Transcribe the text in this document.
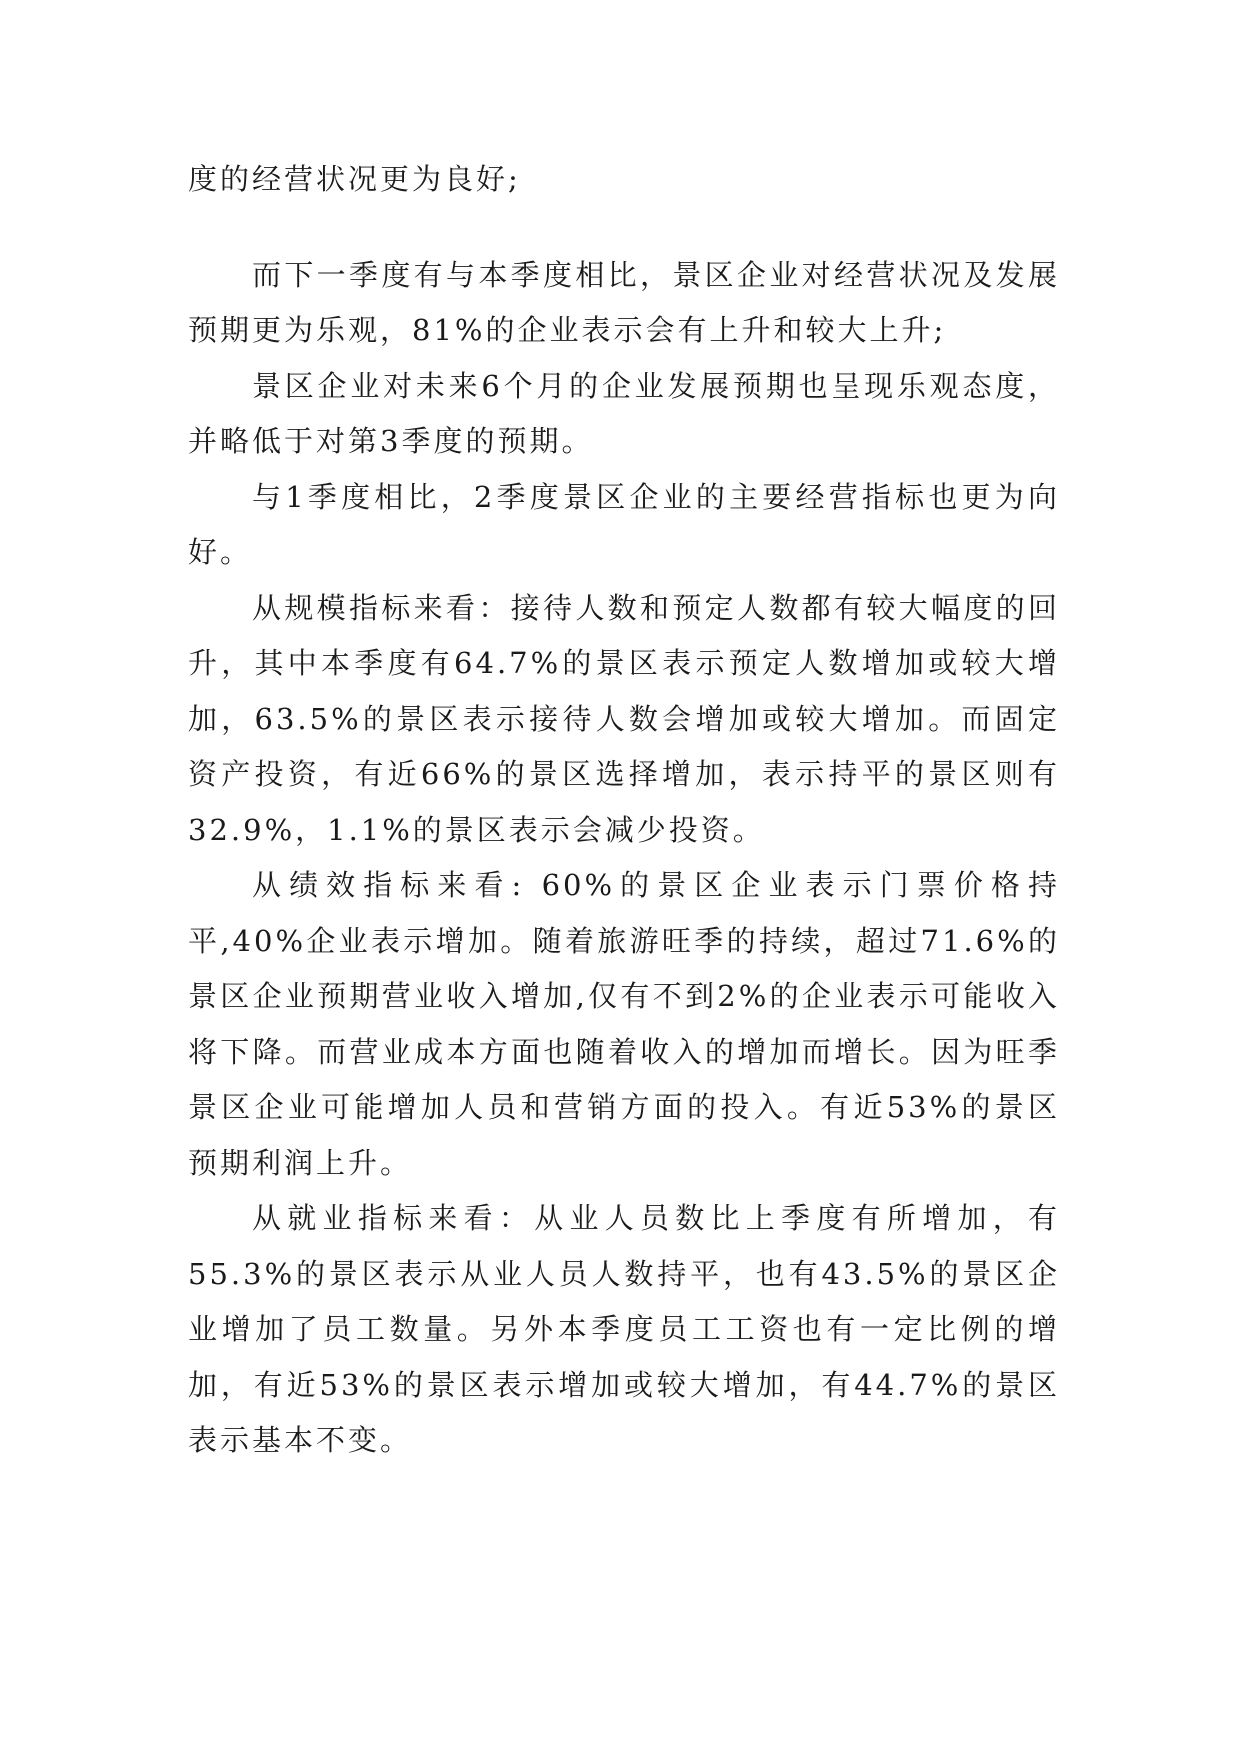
度的经营状况更为良好;

而下一季度有与本季度相比，景区企业对经营状况及发展预期更为乐观，81%的企业表示会有上升和较大上升;

景区企业对未来6个月的企业发展预期也呈现乐观态度，并略低于对第3季度的预期。

与1季度相比，2季度景区企业的主要经营指标也更为向好。

从规模指标来看：接待人数和预定人数都有较大幅度的回升，其中本季度有64.7%的景区表示预定人数增加或较大增加，63.5%的景区表示接待人数会增加或较大增加。而固定资产投资，有近66%的景区选择增加，表示持平的景区则有32.9%，1.1%的景区表示会减少投资。

从绩效指标来看: 60%的景区企业表示门票价格持平,40%企业表示增加。随着旅游旺季的持续，超过71.6%的景区企业预期营业收入增加,仅有不到2%的企业表示可能收入将下降。而营业成本方面也随着收入的增加而增长。因为旺季景区企业可能增加人员和营销方面的投入。有近53%的景区预期利润上升。

从就业指标来看：从业人员数比上季度有所增加，有55.3%的景区表示从业人员人数持平，也有43.5%的景区企业增加了员工数量。另外本季度员工工资也有一定比例的增加，有近53%的景区表示增加或较大增加，有44.7%的景区表示基本不变。
